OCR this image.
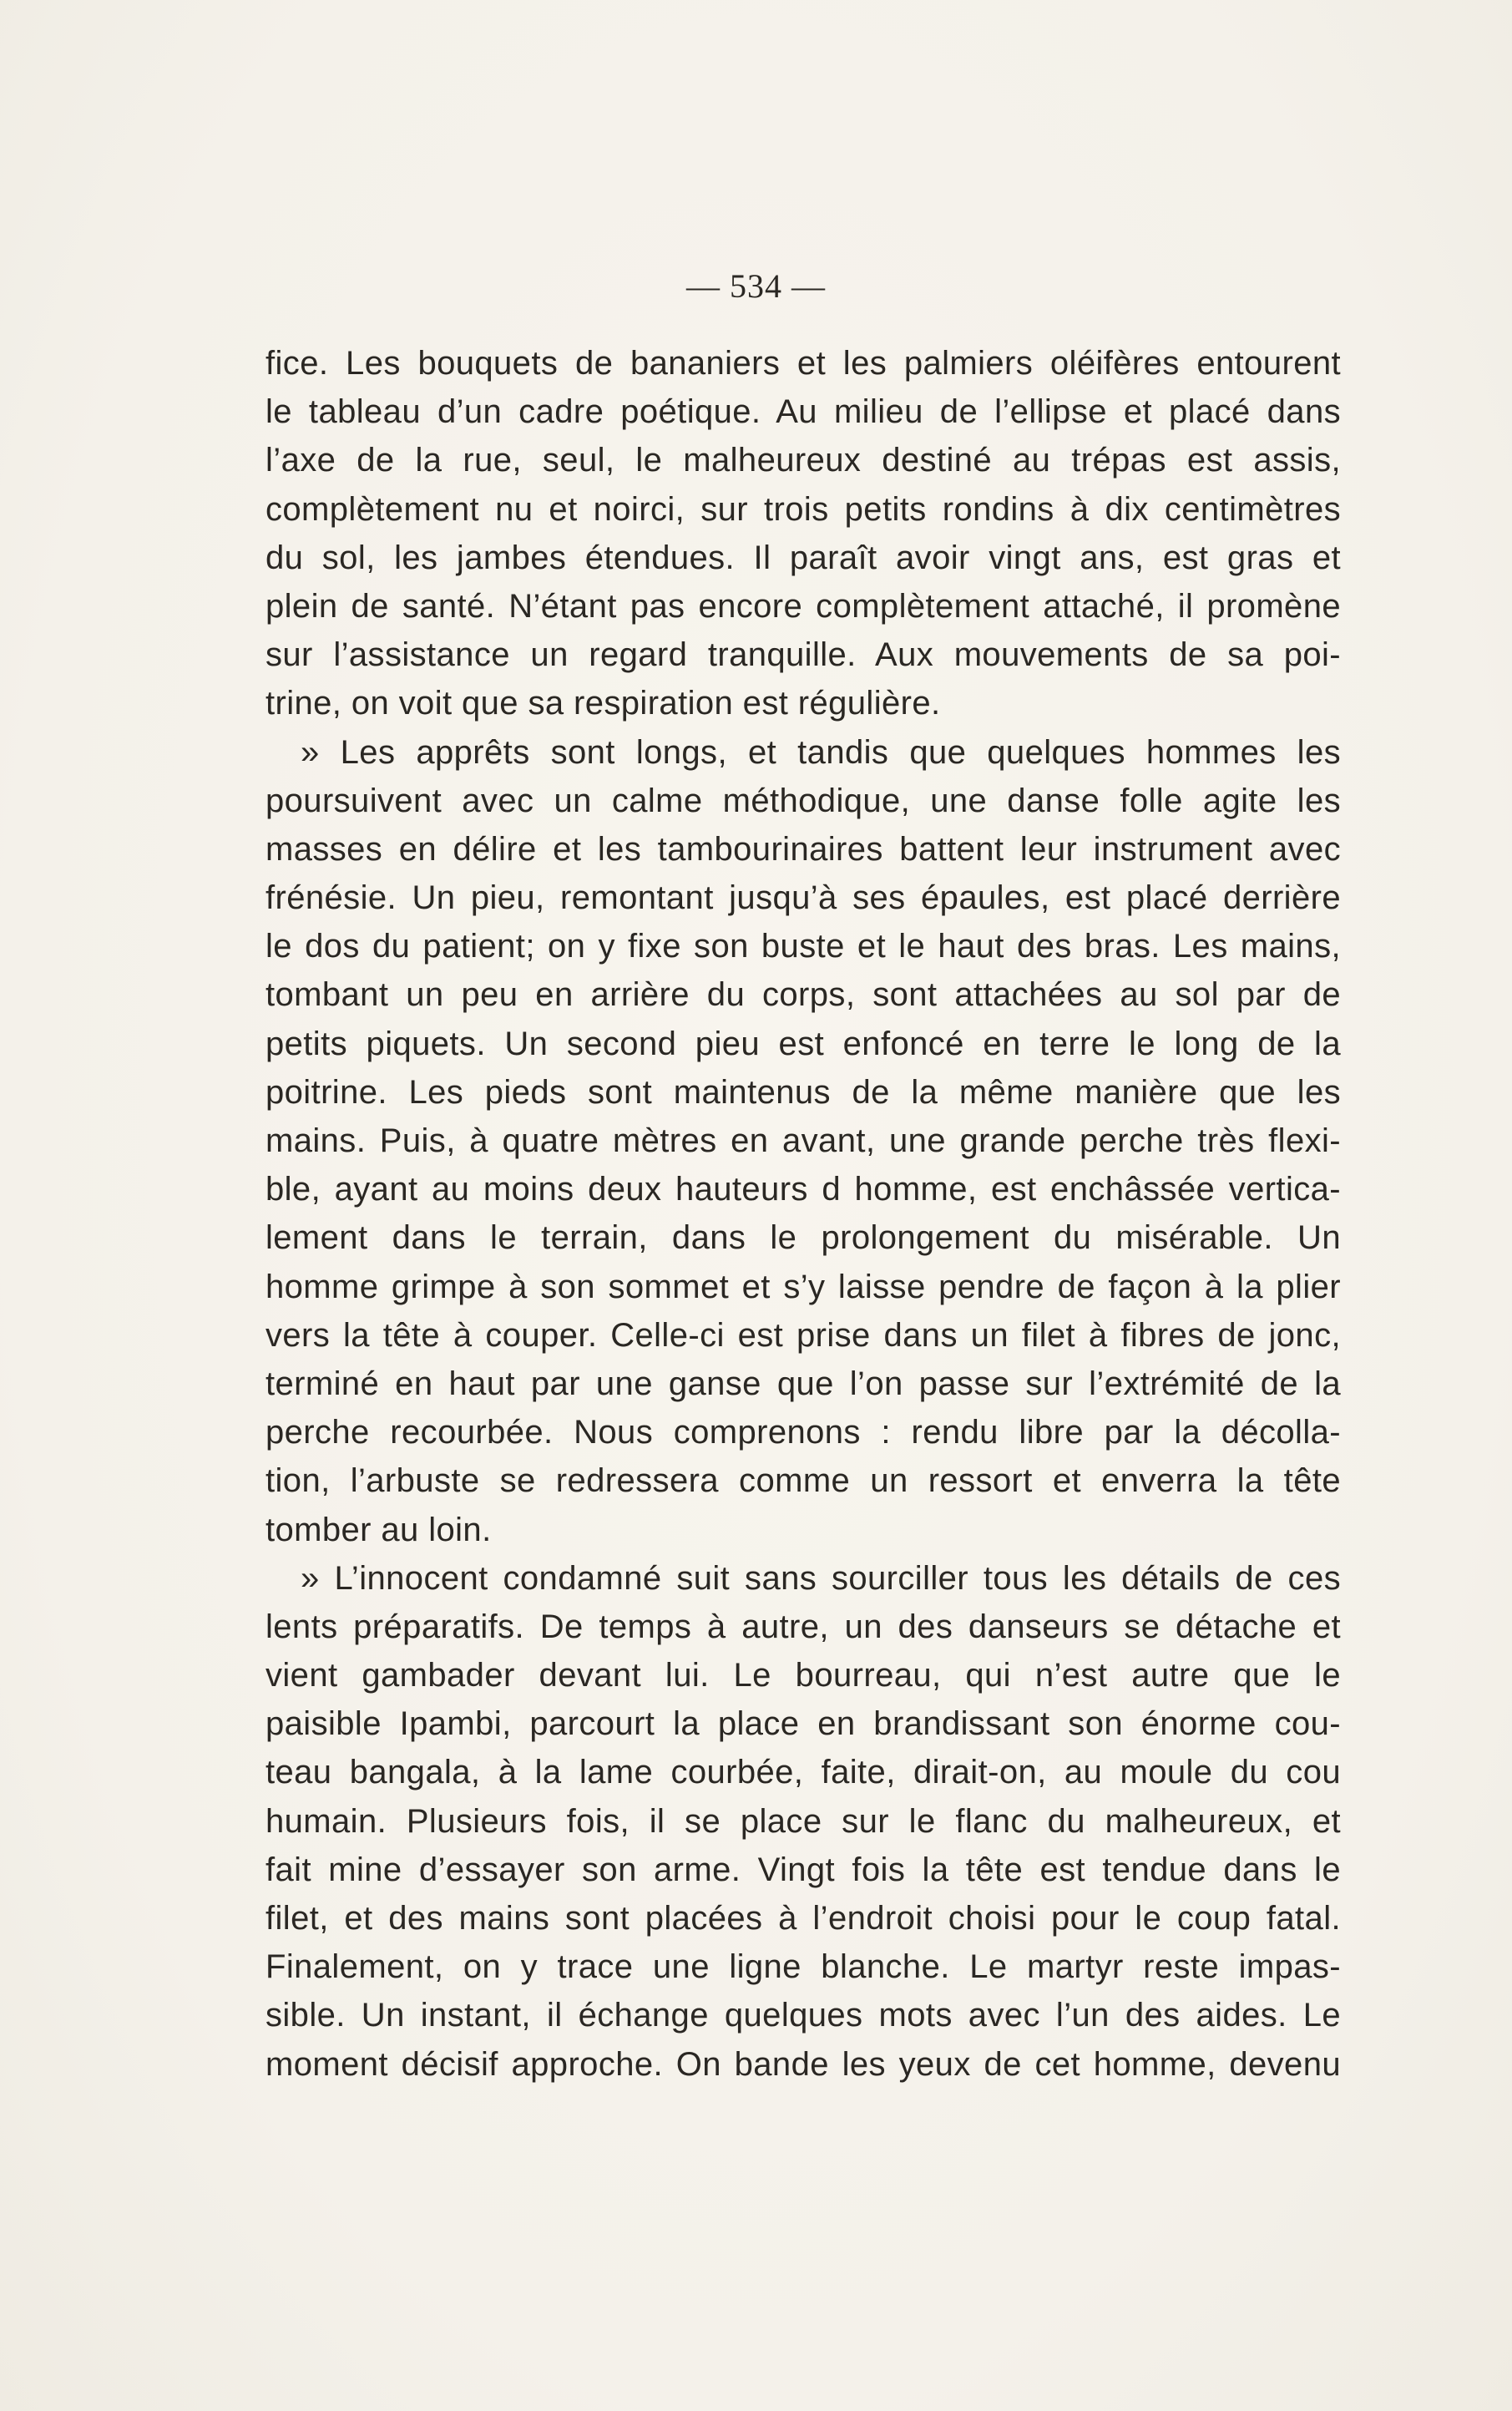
— 534 —
fice. Les bouquets de bananiers et les palmiers oléifères entourent
le tableau d’un cadre poétique. Au milieu de l’ellipse et placé dans
l’axe de la rue, seul, le malheureux destiné au trépas est assis,
complètement nu et noirci, sur trois petits rondins à dix centimètres
du sol, les jambes étendues. Il paraît avoir vingt ans, est gras et
plein de santé. N’étant pas encore complètement attaché, il promène
sur l’assistance un regard tranquille. Aux mouvements de sa poi-
trine, on voit que sa respiration est régulière.
» Les apprêts sont longs, et tandis que quelques hommes les
poursuivent avec un calme méthodique, une danse folle agite les
masses en délire et les tambourinaires battent leur instrument avec
frénésie. Un pieu, remontant jusqu’à ses épaules, est placé derrière
le dos du patient; on y fixe son buste et le haut des bras. Les mains,
tombant un peu en arrière du corps, sont attachées au sol par de
petits piquets. Un second pieu est enfoncé en terre le long de la
poitrine. Les pieds sont maintenus de la même manière que les
mains. Puis, à quatre mètres en avant, une grande perche très flexi-
ble, ayant au moins deux hauteurs d homme, est enchâssée vertica-
lement dans le terrain, dans le prolongement du misérable. Un
homme grimpe à son sommet et s’y laisse pendre de façon à la plier
vers la tête à couper. Celle-ci est prise dans un filet à fibres de jonc,
terminé en haut par une ganse que l’on passe sur l’extrémité de la
perche recourbée. Nous comprenons : rendu libre par la décolla-
tion, l’arbuste se redressera comme un ressort et enverra la tête
tomber au loin.
» L’innocent condamné suit sans sourciller tous les détails de ces
lents préparatifs. De temps à autre, un des danseurs se détache et
vient gambader devant lui. Le bourreau, qui n’est autre que le
paisible Ipambi, parcourt la place en brandissant son énorme cou-
teau bangala, à la lame courbée, faite, dirait-on, au moule du cou
humain. Plusieurs fois, il se place sur le flanc du malheureux, et
fait mine d’essayer son arme. Vingt fois la tête est tendue dans le
filet, et des mains sont placées à l’endroit choisi pour le coup fatal.
Finalement, on y trace une ligne blanche. Le martyr reste impas-
sible. Un instant, il échange quelques mots avec l’un des aides. Le
moment décisif approche. On bande les yeux de cet homme, devenu
